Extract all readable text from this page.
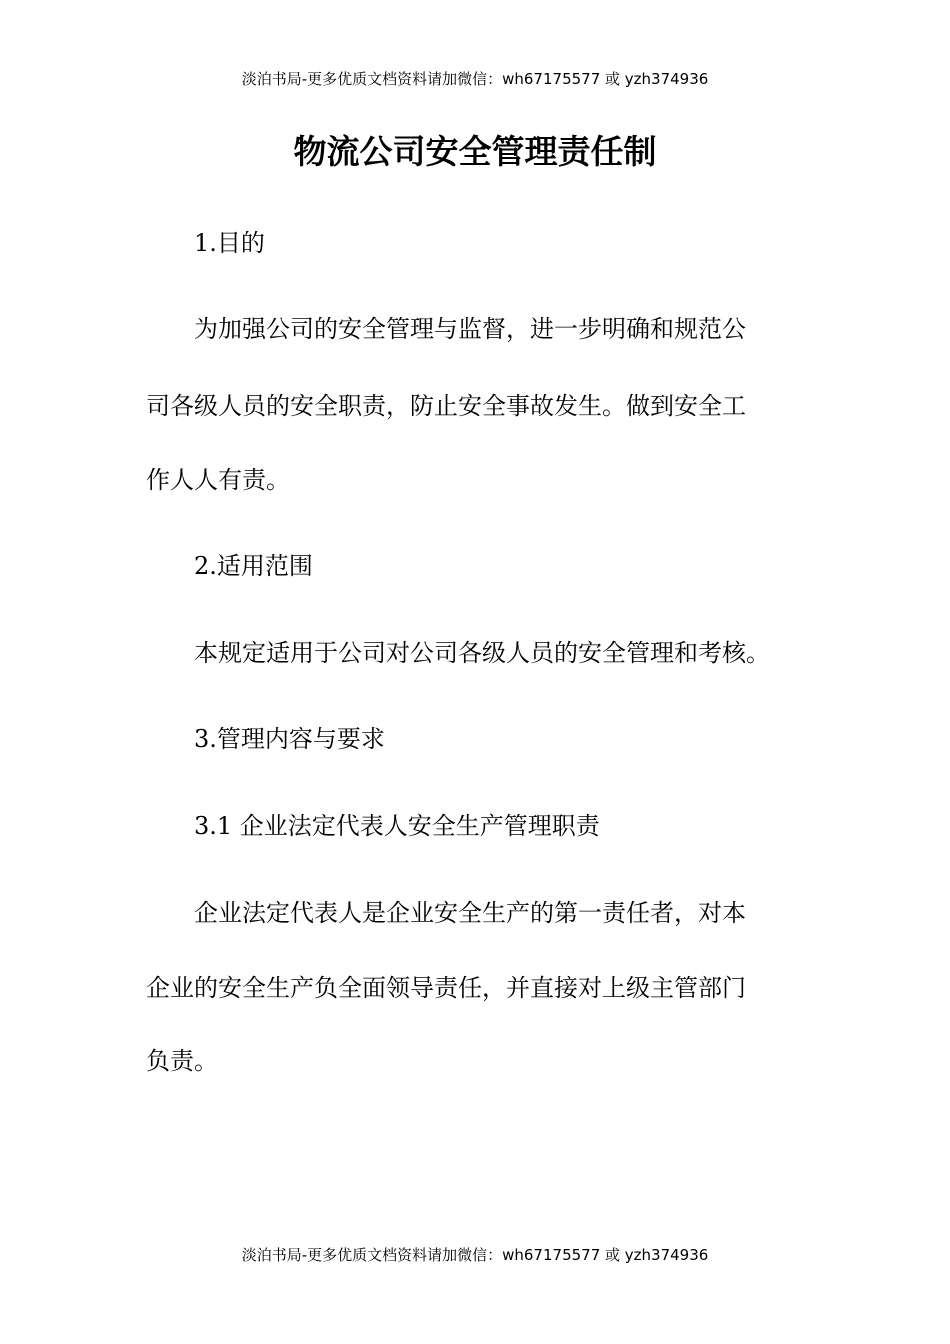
淡泊书局-更多优质文档资料请加微信：wh67175577 或 yzh374936
物流公司安全管理责任制

1.目的

为加强公司的安全管理与监督，进一步明确和规范公

司各级人员的安全职责，防止安全事故发生。做到安全工

作人人有责。

2.适用范围

本规定适用于公司对公司各级人员的安全管理和考核。

3.管理内容与要求

3.1 企业法定代表人安全生产管理职责

企业法定代表人是企业安全生产的第一责任者，对本

企业的安全生产负全面领导责任，并直接对上级主管部门

负责。

淡泊书局-更多优质文档资料请加微信：wh67175577 或 yzh374936
